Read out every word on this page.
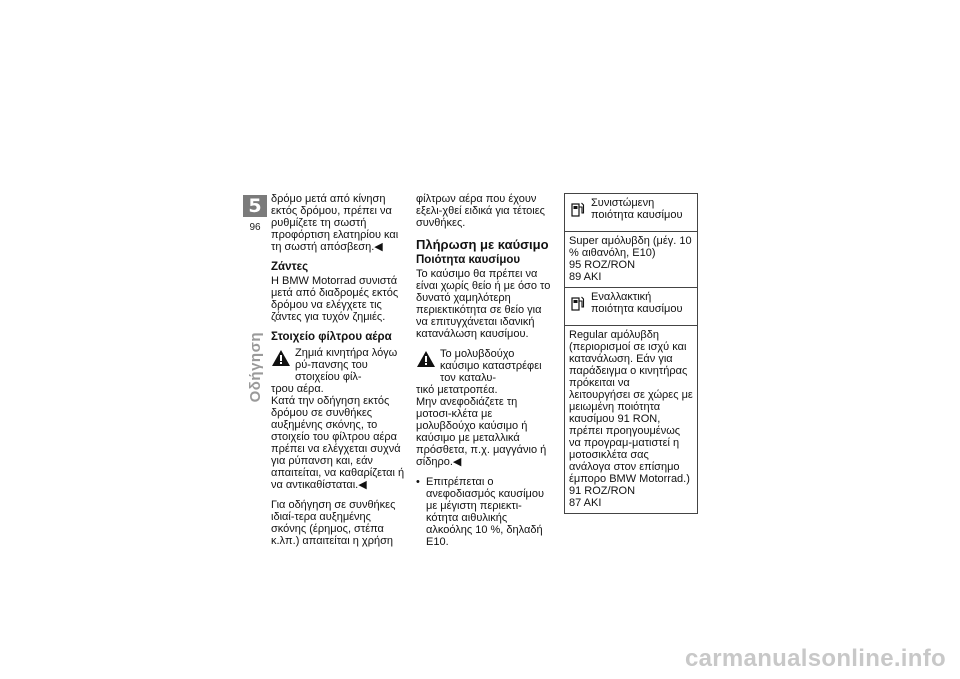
5
96
Οδήγηση

δρόμο μετά από κίνηση εκτός δρόμου, πρέπει να ρυθμίζετε τη σωστή προφόρτιση ελατηρίου και τη σωστή απόσβεση.◀

Ζάντες

Η BMW Motorrad συνιστά μετά από διαδρομές εκτός δρόμου να ελέγχετε τις ζάντες για τυχόν ζημιές.

Στοιχείο φίλτρου αέρα

Ζημιά κινητήρα λόγω ρύ-πανσης του στοιχείου φίλ-

τρου αέρα.
Κατά την οδήγηση εκτός δρόμου σε συνθήκες αυξημένης σκόνης, το στοιχείο του φίλτρου αέρα πρέπει να ελέγχεται συχνά για ρύπανση και, εάν απαιτείται, να καθαρίζεται ή να αντικαθίσταται.◀

Για οδήγηση σε συνθήκες ιδιαί-τερα αυξημένης σκόνης (έρημος, στέπα κ.λπ.) απαιτείται η χρήση

φίλτρων αέρα που έχουν εξελι-χθεί ειδικά για τέτοιες συνθήκες.

Πλήρωση με καύσιμο
Ποιότητα καυσίμου

Το καύσιμο θα πρέπει να είναι χωρίς θείο ή με όσο το δυνατό χαμηλότερη περιεκτικότητα σε θείο για να επιτυγχάνεται ιδανική κατανάλωση καυσίμου.

Το μολυβδούχο καύσιμο καταστρέφει τον καταλυ-

τικό μετατροπέα.
Μην ανεφοδιάζετε τη μοτοσι-κλέτα με μολυβδούχο καύσιμο ή καύσιμο με μεταλλικά πρόσθετα, π.χ. μαγγάνιο ή σίδηρο.◀

• Επιτρέπεται ο ανεφοδιασμός καυσίμου με μέγιστη περιεκτι-κότητα αιθυλικής αλκοόλης 10 %, δηλαδή E10.

Συνιστώμενη ποιότητα καυσίμου
Super αμόλυβδη (μέγ. 10 % αιθανόλη, E10)
95 ROZ/RON
89 AKI
Εναλλακτική ποιότητα καυσίμου
Regular αμόλυβδη (περιορισμοί σε ισχύ και κατανάλωση. Εάν για παράδειγμα ο κινητήρας πρόκειται να λειτουργήσει σε χώρες με μειωμένη ποιότητα καυσίμου 91 RON, πρέπει προηγουμένως να προγραμ-ματιστεί η μοτοσικλέτα σας ανάλογα στον επίσημο έμπορο BMW Motorrad.)
91 ROZ/RON
87 AKI
carmanualsonline.info
